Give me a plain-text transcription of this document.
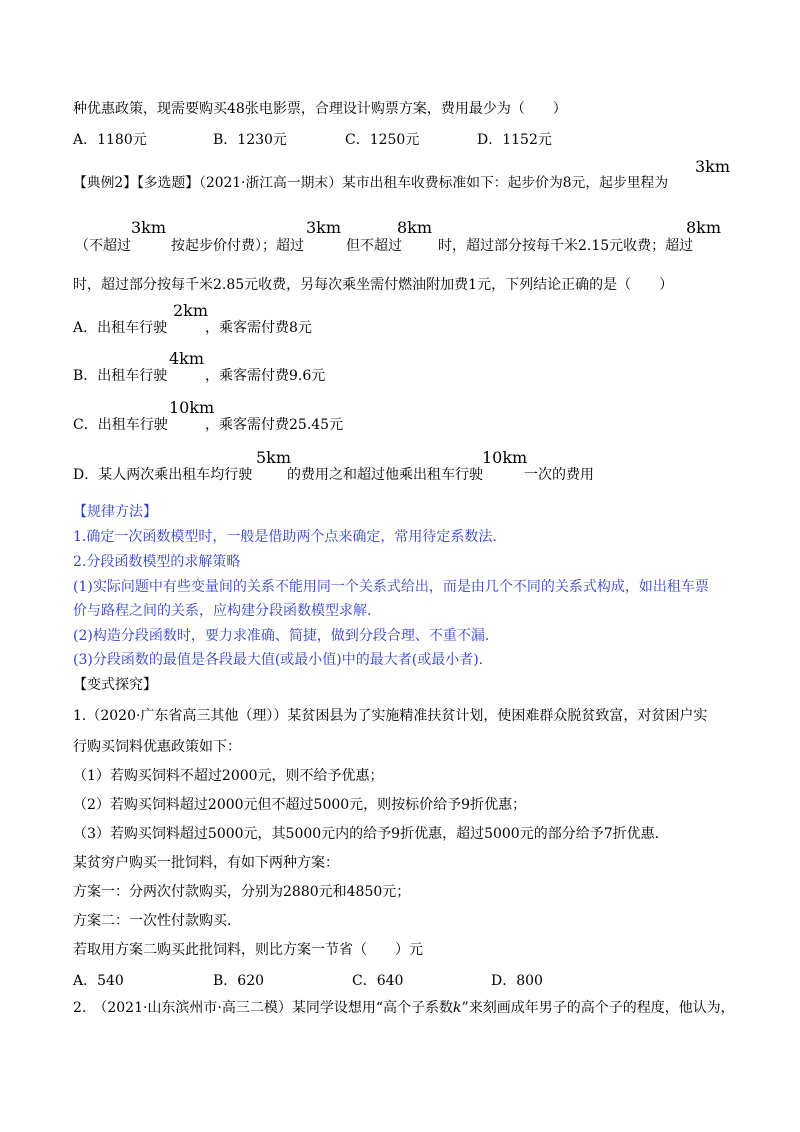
种优惠政策，现需要购买48张电影票，合理设计购票方案，费用最少为（　　）
A．1180元	B．1230元	C．1250元	D．1152元
【典例2】【多选题】（2021·浙江高一期末）某市出租车收费标准如下：起步价为8元，起步里程为
3km
（不超过
3km
按起步价付费）；超过
3km
但不超过
8km
时，超过部分按每千米2.15元收费；超过
8km
时，超过部分按每千米2.85元收费，另每次乘坐需付燃油附加费1元，下列结论正确的是（　　）
A．出租车行驶
2km
，乘客需付费8元
B．出租车行驶
4km
，乘客需付费9.6元
C．出租车行驶
10km
，乘客需付费25.45元
D．某人两次乘出租车均行驶
5km
的费用之和超过他乘出租车行驶
10km
一次的费用
【规律方法】
1.确定一次函数模型时，一般是借助两个点来确定，常用待定系数法.
2.分段函数模型的求解策略
(1)实际问题中有些变量间的关系不能用同一个关系式给出，而是由几个不同的关系式构成，如出租车票
价与路程之间的关系，应构建分段函数模型求解.
(2)构造分段函数时，要力求准确、简捷，做到分段合理、不重不漏.
(3)分段函数的最值是各段最大值(或最小值)中的最大者(或最小者).
【变式探究】
1.（2020·广东省高三其他（理））某贫困县为了实施精准扶贫计划，使困难群众脱贫致富，对贫困户实
行购买饲料优惠政策如下：
（1）若购买饲料不超过2000元，则不给予优惠；
（2）若购买饲料超过2000元但不超过5000元，则按标价给予9折优惠；
（3）若购买饲料超过5000元，其5000元内的给予9折优惠，超过5000元的部分给予7折优惠.
某贫穷户购买一批饲料，有如下两种方案：
方案一：分两次付款购买，分别为2880元和4850元；
方案二：一次性付款购买.
若取用方案二购买此批饲料，则比方案一节省（　　）元
A．540	B．620	C．640	D．800
2.　（2021·山东滨州市·高三二模）某同学设想用“高个子系数k”来刻画成年男子的高个子的程度，他认为，
